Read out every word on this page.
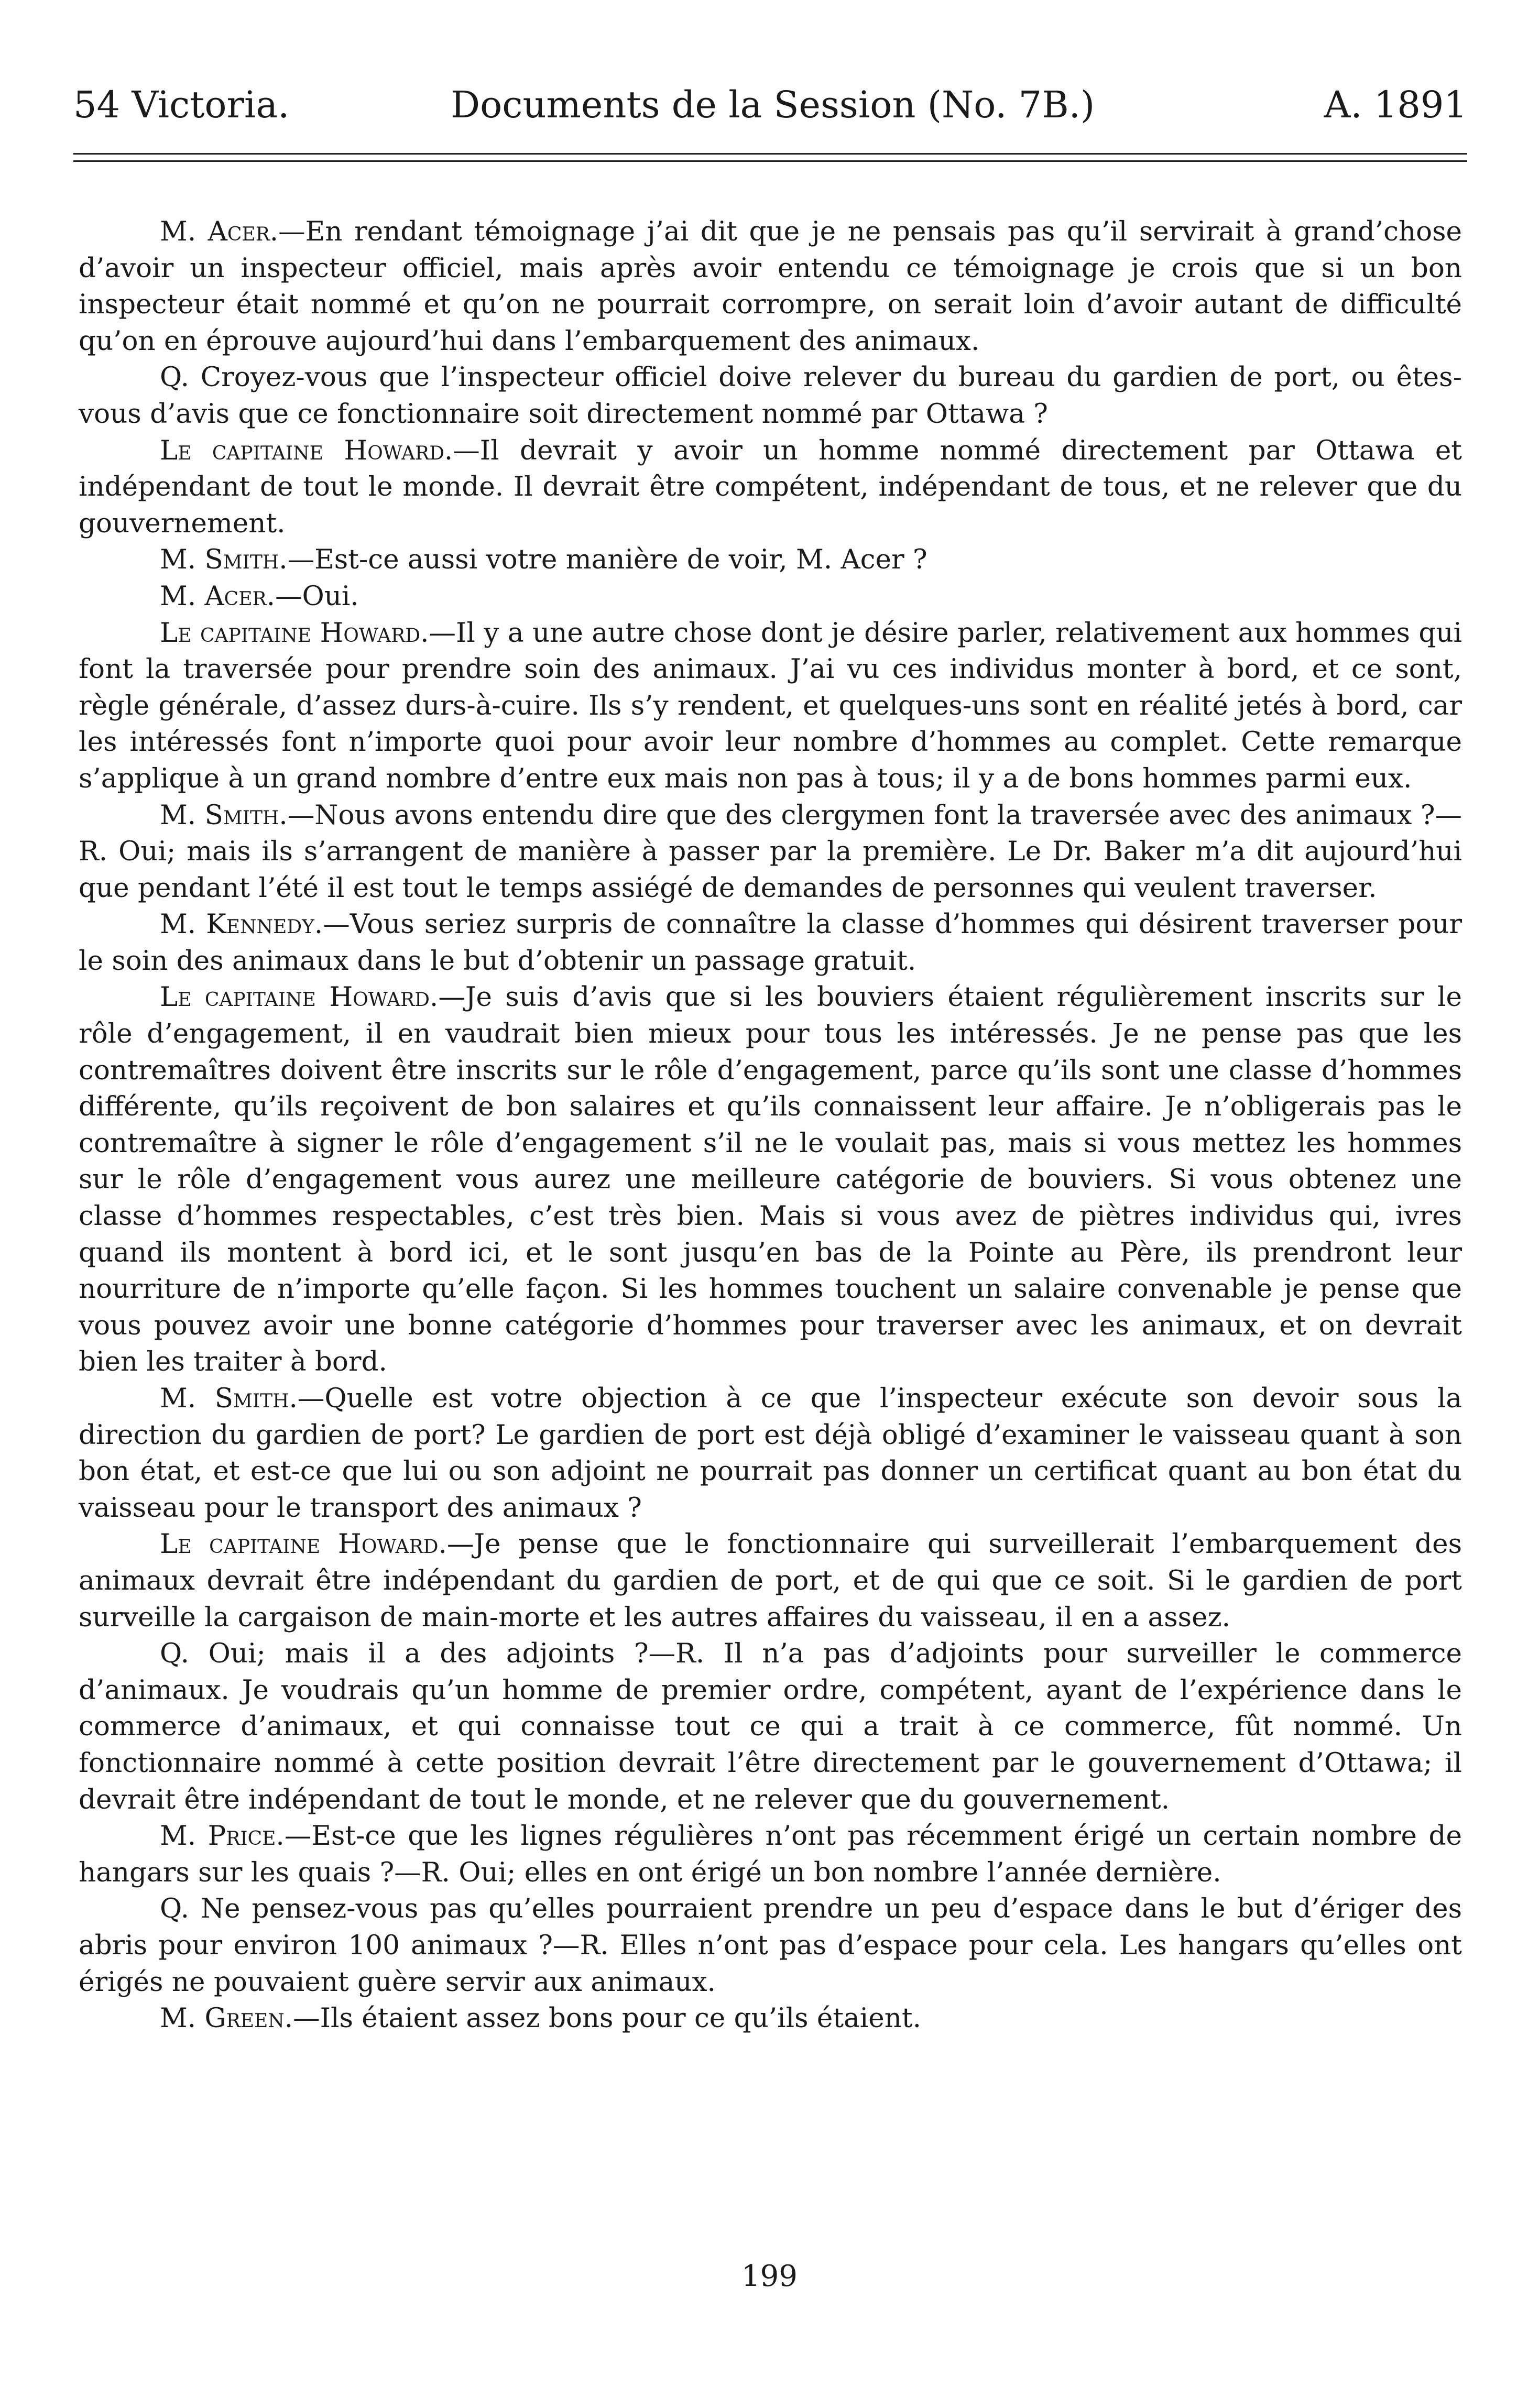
54 Victoria.	Documents de la Session (No. 7B.)	A. 1891

M. Acer.—En rendant témoignage j’ai dit que je ne pensais pas qu’il servirait à grand’chose d’avoir un inspecteur officiel, mais après avoir entendu ce témoignage je crois que si un bon inspecteur était nommé et qu’on ne pourrait corrompre, on serait loin d’avoir autant de difficulté qu’on en éprouve aujourd’hui dans l’embarquement des animaux.

Q. Croyez-vous que l’inspecteur officiel doive relever du bureau du gardien de port, ou êtes-vous d’avis que ce fonctionnaire soit directement nommé par Ottawa ?

Le capitaine Howard.—Il devrait y avoir un homme nommé directement par Ottawa et indépendant de tout le monde. Il devrait être compétent, indépendant de tous, et ne relever que du gouvernement.

M. Smith.—Est-ce aussi votre manière de voir, M. Acer ?

M. Acer.—Oui.

Le capitaine Howard.—Il y a une autre chose dont je désire parler, relativement aux hommes qui font la traversée pour prendre soin des animaux. J’ai vu ces individus monter à bord, et ce sont, règle générale, d’assez durs-à-cuire. Ils s’y rendent, et quelques-uns sont en réalité jetés à bord, car les intéressés font n’importe quoi pour avoir leur nombre d’hommes au complet. Cette remarque s’applique à un grand nombre d’entre eux mais non pas à tous; il y a de bons hommes parmi eux.

M. Smith.—Nous avons entendu dire que des clergymen font la traversée avec des animaux ?—R. Oui; mais ils s’arrangent de manière à passer par la première. Le Dr. Baker m’a dit aujourd’hui que pendant l’été il est tout le temps assiégé de demandes de personnes qui veulent traverser.

M. Kennedy.—Vous seriez surpris de connaître la classe d’hommes qui désirent traverser pour le soin des animaux dans le but d’obtenir un passage gratuit.

Le capitaine Howard.—Je suis d’avis que si les bouviers étaient régulièrement inscrits sur le rôle d’engagement, il en vaudrait bien mieux pour tous les intéressés. Je ne pense pas que les contremaîtres doivent être inscrits sur le rôle d’engagement, parce qu’ils sont une classe d’hommes différente, qu’ils reçoivent de bon salaires et qu’ils connaissent leur affaire. Je n’obligerais pas le contremaître à signer le rôle d’engagement s’il ne le voulait pas, mais si vous mettez les hommes sur le rôle d’engagement vous aurez une meilleure catégorie de bouviers. Si vous obtenez une classe d’hommes respectables, c’est très bien. Mais si vous avez de piètres individus qui, ivres quand ils montent à bord ici, et le sont jusqu’en bas de la Pointe au Père, ils prendront leur nourriture de n’importe qu’elle façon. Si les hommes touchent un salaire convenable je pense que vous pouvez avoir une bonne catégorie d’hommes pour traverser avec les animaux, et on devrait bien les traiter à bord.

M. Smith.—Quelle est votre objection à ce que l’inspecteur exécute son devoir sous la direction du gardien de port? Le gardien de port est déjà obligé d’examiner le vaisseau quant à son bon état, et est-ce que lui ou son adjoint ne pourrait pas donner un certificat quant au bon état du vaisseau pour le transport des animaux ?

Le capitaine Howard.—Je pense que le fonctionnaire qui surveillerait l’embarquement des animaux devrait être indépendant du gardien de port, et de qui que ce soit. Si le gardien de port surveille la cargaison de main-morte et les autres affaires du vaisseau, il en a assez.

Q. Oui; mais il a des adjoints ?—R. Il n’a pas d’adjoints pour surveiller le commerce d’animaux. Je voudrais qu’un homme de premier ordre, compétent, ayant de l’expérience dans le commerce d’animaux, et qui connaisse tout ce qui a trait à ce commerce, fût nommé. Un fonctionnaire nommé à cette position devrait l’être directement par le gouvernement d’Ottawa; il devrait être indépendant de tout le monde, et ne relever que du gouvernement.

M. Price.—Est-ce que les lignes régulières n’ont pas récemment érigé un certain nombre de hangars sur les quais ?—R. Oui; elles en ont érigé un bon nombre l’année dernière.

Q. Ne pensez-vous pas qu’elles pourraient prendre un peu d’espace dans le but d’ériger des abris pour environ 100 animaux ?—R. Elles n’ont pas d’espace pour cela. Les hangars qu’elles ont érigés ne pouvaient guère servir aux animaux.

M. Green.—Ils étaient assez bons pour ce qu’ils étaient.

199
